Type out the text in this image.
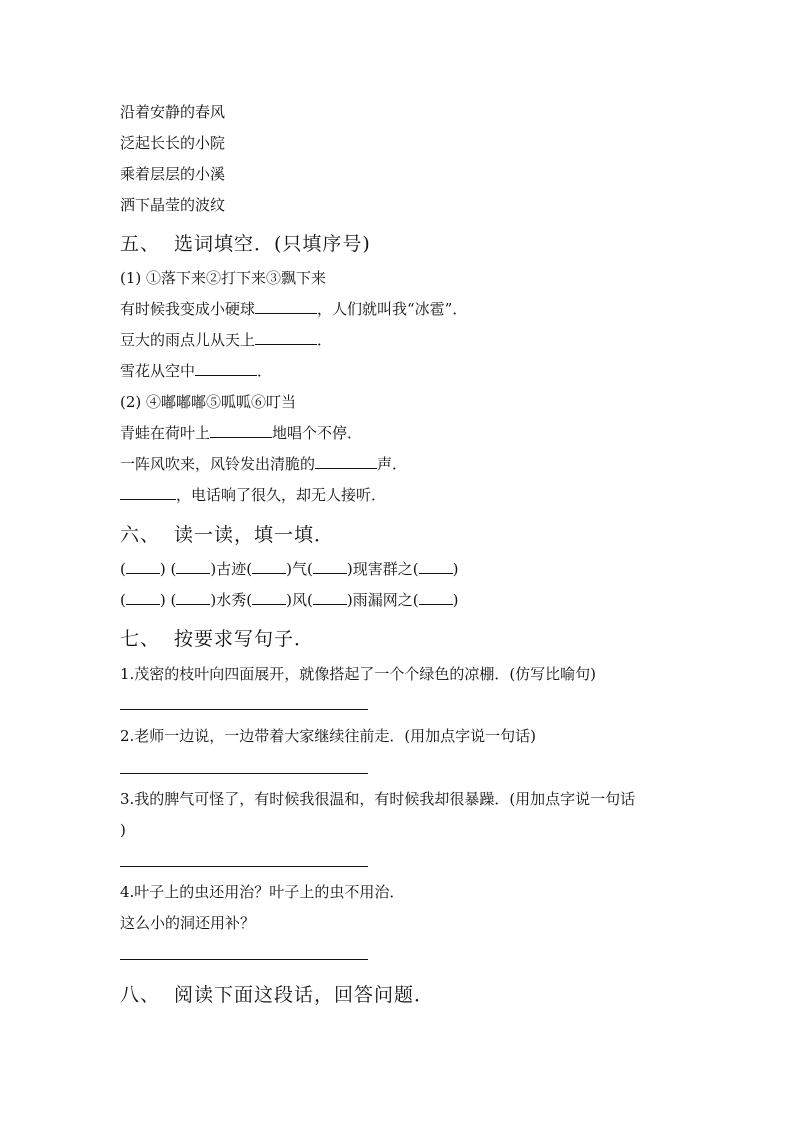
沿着安静的春风
泛起长长的小院
乘着层层的小溪
洒下晶莹的波纹
五、 选词填空．(只填序号)
(1) ①落下来②打下来③飘下来
有时候我变成小硬球	，人们就叫我“冰雹”．
豆大的雨点儿从天上	．
雪花从空中	．
(2) ④嘟嘟嘟⑤呱呱⑥叮当
青蛙在荷叶上	地唱个不停．
一阵风吹来，风铃发出清脆的	声．
，电话响了很久，却无人接听．
六、 读一读，填一填．
( ) ( )古迹( )气( )现害群之( )
( ) ( )水秀( )风( )雨漏网之( )
七、 按要求写句子．
1.茂密的枝叶向四面展开，就像搭起了一个个绿色的凉棚．(仿写比喻句)
2.老师一边说，一边带着大家继续往前走．(用加点字说一句话)
3.我的脾气可怪了，有时候我很温和，有时候我却很暴躁．(用加点字说一句话
)
4.叶子上的虫还用治？叶子上的虫不用治．
这么小的洞还用补？
八、 阅读下面这段话，回答问题．
